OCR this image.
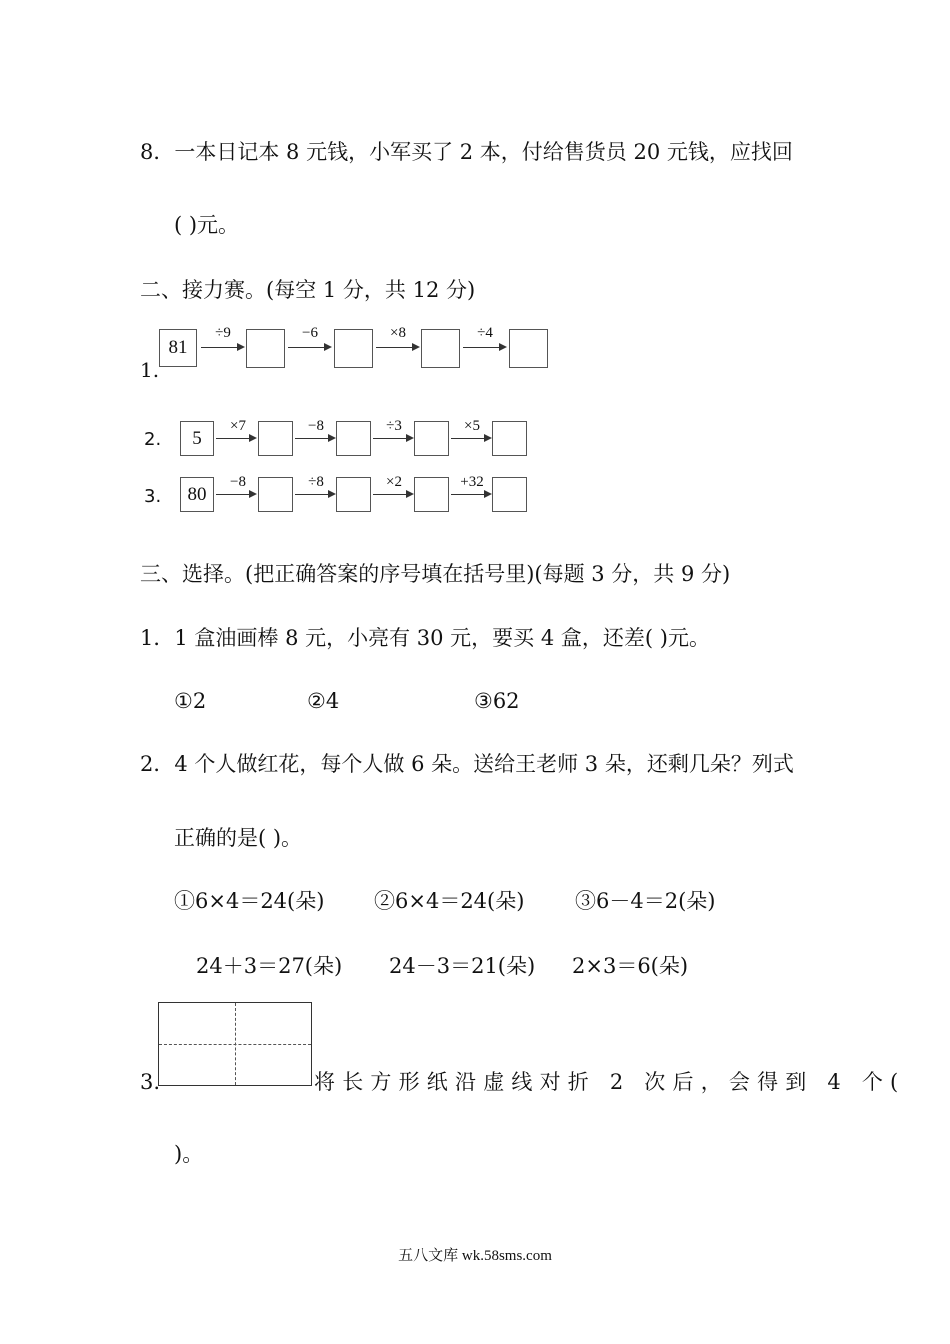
8．一本日记本 8 元钱，小军买了 2 本，付给售货员 20 元钱，应找回
( )元。
二、接力赛。(每空 1 分，共 12 分)
1.
81
÷9	−6	×8	÷4
2.	5
×7	−8	÷3	×5
3.	80
−8	÷8	×2	+32
三、选择。(把正确答案的序号填在括号里)(每题 3 分，共 9 分)
1．1 盒油画棒 8 元，小亮有 30 元，要买 4 盒，还差( )元。
①2	②4	③62
2．4 个人做红花，每个人做 6 朵。送给王老师 3 朵，还剩几朵？列式
正确的是( )。
①6×4＝24(朵) ②6×4＝24(朵) ③6－4＝2(朵)
24＋3＝27(朵) 24－3＝21(朵) 2×3＝6(朵)
3.	将长方形纸沿虚线对折 2 次后，会得到 4 个(
)。
五八文库 wk.58sms.com
